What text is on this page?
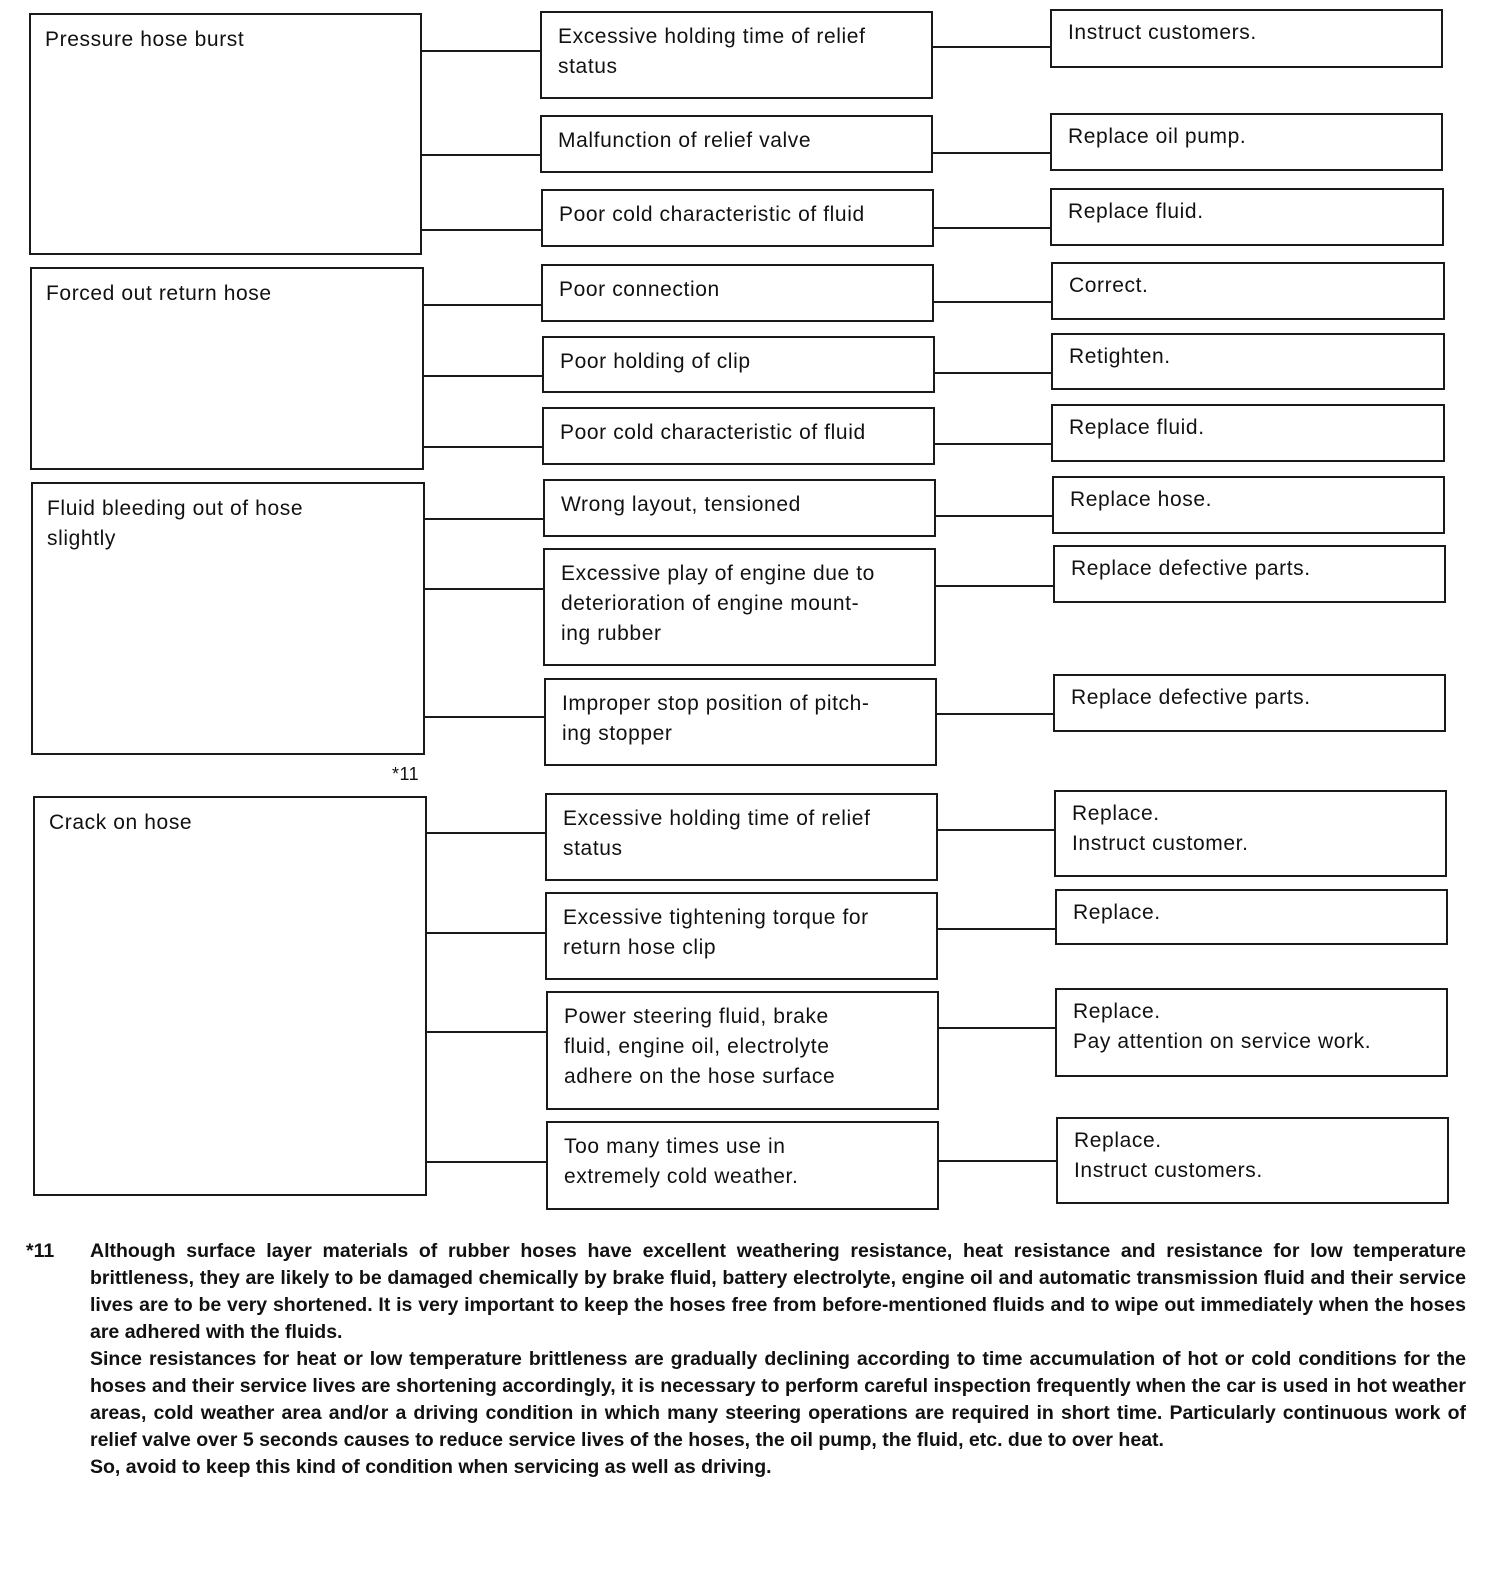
Pressure hose burst
Forced out return hose
Fluid bleeding out of hose
slightly
Crack on hose
*11
Excessive holding time of relief
status
Malfunction of relief valve
Poor cold characteristic of fluid
Poor connection
Poor holding of clip
Poor cold characteristic of fluid
Wrong layout, tensioned
Excessive play of engine due to
deterioration of engine mount-
ing rubber
Improper stop position of pitch-
ing stopper
Excessive holding time of relief
status
Excessive tightening torque for
return hose clip
Power steering fluid, brake
fluid, engine oil, electrolyte
adhere on the hose surface
Too many times use in
extremely cold weather.
Instruct customers.
Replace oil pump.
Replace fluid.
Correct.
Retighten.
Replace fluid.
Replace hose.
Replace defective parts.
Replace defective parts.
Replace.
Instruct customer.
Replace.
Replace.
Pay attention on service work.
Replace.
Instruct customers.
*11 Although surface layer materials of rubber hoses have excellent weathering resistance, heat resistance and resistance for low temperature brittleness, they are likely to be damaged chemically by brake fluid, battery electrolyte, engine oil and automatic transmission fluid and their service lives are to be very shortened. It is very important to keep the hoses free from before-mentioned fluids and to wipe out immediately when the hoses are adhered with the fluids.

Since resistances for heat or low temperature brittleness are gradually declining according to time accumulation of hot or cold conditions for the hoses and their service lives are shortening accordingly, it is necessary to perform careful inspection frequently when the car is used in hot weather areas, cold weather area and/or a driving condition in which many steering operations are required in short time. Particularly continuous work of relief valve over 5 seconds causes to reduce service lives of the hoses, the oil pump, the fluid, etc. due to over heat.

So, avoid to keep this kind of condition when servicing as well as driving.
